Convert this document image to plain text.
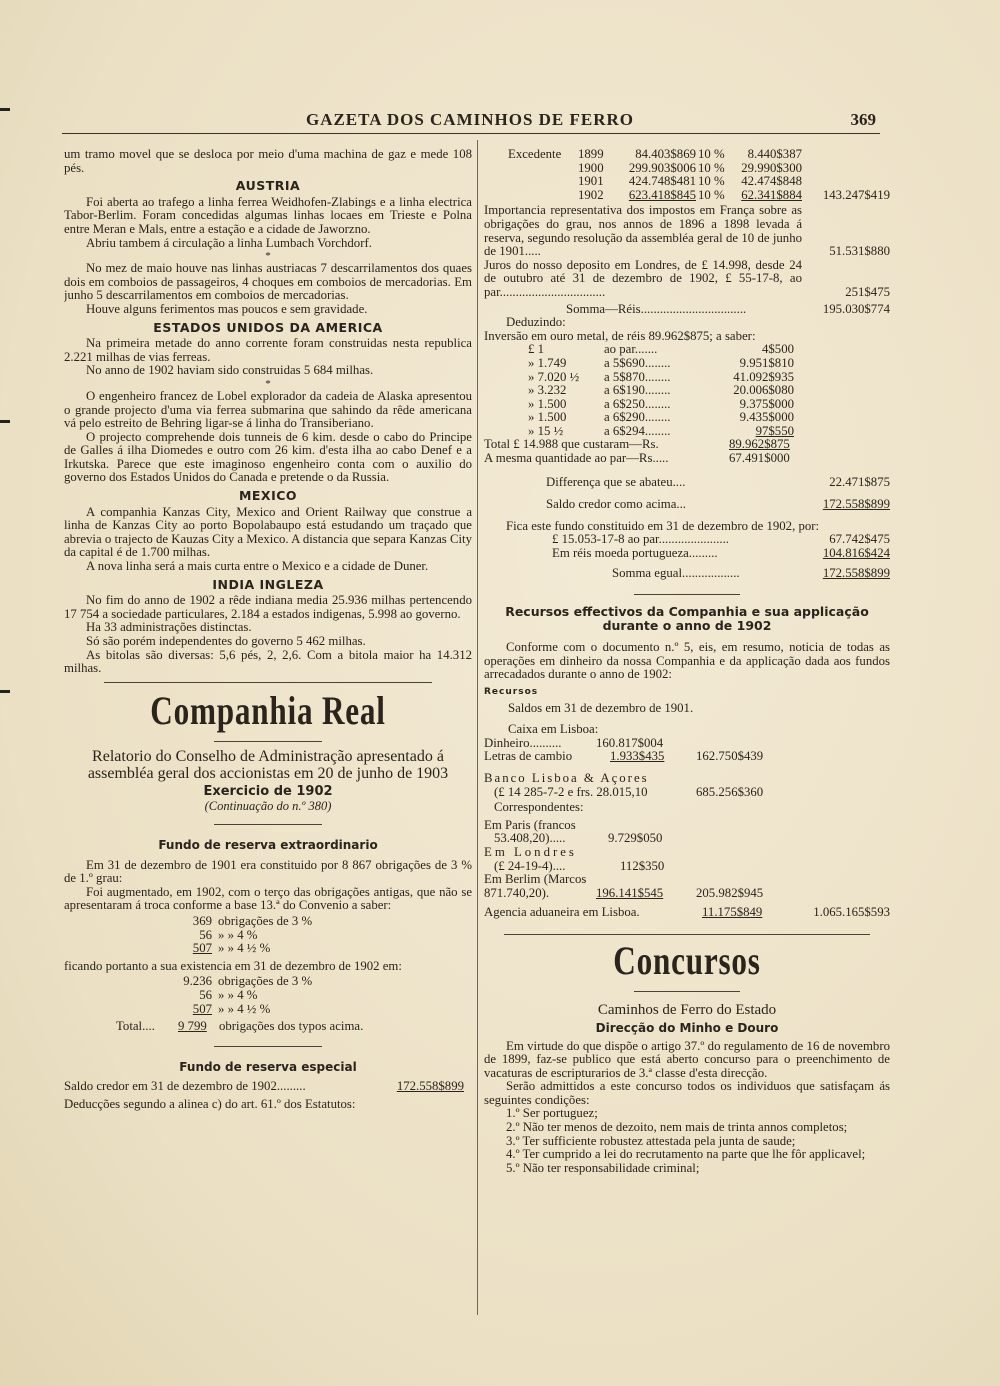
GAZETA DOS CAMINHOS DE FERRO	369

um tramo movel que se desloca por meio d'uma machina de gaz e mede 108 pés.

AUSTRIA

Foi aberta ao trafego a linha ferrea Weidhofen-Zlabings e a linha electrica Tabor-Berlim. Foram concedidas algumas linhas locaes em Trieste e Polna entre Meran e Mals, entre a estação e a cidade de Jaworzno.

Abriu tambem á circulação a linha Lumbach Vorchdorf.

*

No mez de maio houve nas linhas austriacas 7 descarrilamentos dos quaes dois em comboios de passageiros, 4 choques em comboios de mercadorias. Em junho 5 descarrilamentos em comboios de mercadorias.

Houve alguns ferimentos mas poucos e sem gravidade.

ESTADOS UNIDOS DA AMERICA

Na primeira metade do anno corrente foram construidas nesta republica 2.221 milhas de vias ferreas.

No anno de 1902 haviam sido construidas 5 684 milhas.

*

O engenheiro francez de Lobel explorador da cadeia de Alaska apresentou o grande projecto d'uma via ferrea submarina que sahindo da rêde americana vá pelo estreito de Behring ligar-se á linha do Transiberiano.

O projecto comprehende dois tunneis de 6 kim. desde o cabo do Principe de Galles á ilha Diomedes e outro com 26 kim. d'esta ilha ao cabo Denef e a Irkutska. Parece que este imaginoso engenheiro conta com o auxilio do governo dos Estados Unidos do Canada e pretende o da Russia.

MEXICO

A companhia Kanzas City, Mexico and Orient Railway que construe a linha de Kanzas City ao porto Bopolabaupo está estudando um traçado que abrevia o trajecto de Kauzas City a Mexico. A distancia que separa Kanzas City da capital é de 1.700 milhas.

A nova linha será a mais curta entre o Mexico e a cidade de Duner.

INDIA INGLEZA

No fim do anno de 1902 a rêde indiana media 25.936 milhas pertencendo 17 754 a sociedade particulares, 2.184 a estados indigenas, 5.998 ao governo.

Ha 33 administrações distinctas.

Só são porém independentes do governo 5 462 milhas.

As bitolas são diversas: 5,6 pés, 2, 2,6. Com a bitola maior ha 14.312 milhas.

Companhia Real
Relatorio do Conselho de Administração apresentado á assembléa geral dos accionistas em 20 de junho de 1903
Exercicio de 1902
(Continuação do n.º 380)
Fundo de reserva extraordinario

Em 31 de dezembro de 1901 era constituido por 8 867 obrigações de 3 % de 1.º grau:

Foi augmentado, em 1902, com o terço das obrigações antigas, que não se apresentaram á troca conforme a base 13.ª do Convenio a saber:

369 obrigações de 3 %
56 » » 4 %
507 » » 4 ½ %

ficando portanto a sua existencia em 31 de dezembro de 1902 em:

9.236 obrigações de 3 %
56 » » 4 %
507 » » 4 ½ %
Total.... 9 799 obrigações dos typos acima.
Fundo de reserva especial
Saldo credor em 31 de dezembro de 1902.........	172.558$899

Deducções segundo a alinea c) do art. 61.º dos Estatutos:

Excedente 1899 84.403$869 10 % 8.440$387
1900 299.903$006 10 % 29.990$300
1901 424.748$481 10 % 42.474$848
1902 623.418$845 10 % 62.341$884 143.247$419

Importancia representativa dos impostos em França sobre as obrigações do grau, nos annos de 1896 a 1898 levada á reserva, segundo resolução da assembléa geral de 10 de junho de 1901.....	51.531$880

Juros do nosso deposito em Londres, de £ 14.998, desde 24 de outubro até 31 de dezembro de 1902, £ 55-17-8, ao par.................................	251$475

Somma—Réis.................................	195.030$774
Deduzindo:
Inversão em ouro metal, de réis 89.962$875; a saber:
£ 1	ao par.......	4$500
» 1.749	a 5$690........	9.951$810
» 7.020 ½ a 5$870........	41.092$935
» 3.232	a 6$190........	20.006$080
» 1.500	a 6$250........	9.375$000
» 1.500	a 6$290........	9.435$000
» 15 ½	a 6$294........	97$550
Total £ 14.988 que custaram—Rs.	89.962$875
A mesma quantidade ao par—Rs.....	67.491$000
Differença que se abateu....	22.471$875
Saldo credor como acima...	172.558$899

Fica este fundo constituido em 31 de dezembro de 1902, por:

£ 15.053-17-8 ao par......................	67.742$475
Em réis moeda portugueza.........	104.816$424
Somma egual..................	172.558$899
Recursos effectivos da Companhia e sua applicação durante o anno de 1902

Conforme com o documento n.º 5, eis, em resumo, noticia de todas as operações em dinheiro da nossa Companhia e da applicação dada aos fundos arrecadados durante o anno de 1902:

Recursos
Saldos em 31 de dezembro de 1901.
Caixa em Lisboa:
Dinheiro..........	160.817$004
Letras de cambio	1.933$435 162.750$439
Banco Lisboa & Açores
(£ 14 285-7-2 e frs. 28.015,10	685.256$360
Correspondentes:
Em Paris (francos
53.408,20).....	9.729$050
Em Londres
(£ 24-19-4)....	112$350
Em Berlim (Marcos 871.740,20).	196.141$545	205.982$945
Agencia aduaneira em Lisboa.	11.175$849	1.065.165$593
Concursos
Caminhos de Ferro do Estado
Direcção do Minho e Douro

Em virtude do que dispõe o artigo 37.º do regulamento de 16 de novembro de 1899, faz-se publico que está aberto concurso para o preenchimento de vacaturas de escripturarios de 3.ª classe d'esta direcção.

Serão admittidos a este concurso todos os individuos que satisfaçam ás seguintes condições:

1.º Ser portuguez;

2.º Não ter menos de dezoito, nem mais de trinta annos completos;

3.º Ter sufficiente robustez attestada pela junta de saude;

4.º Ter cumprido a lei do recrutamento na parte que lhe fôr applicavel;

5.º Não ter responsabilidade criminal;
